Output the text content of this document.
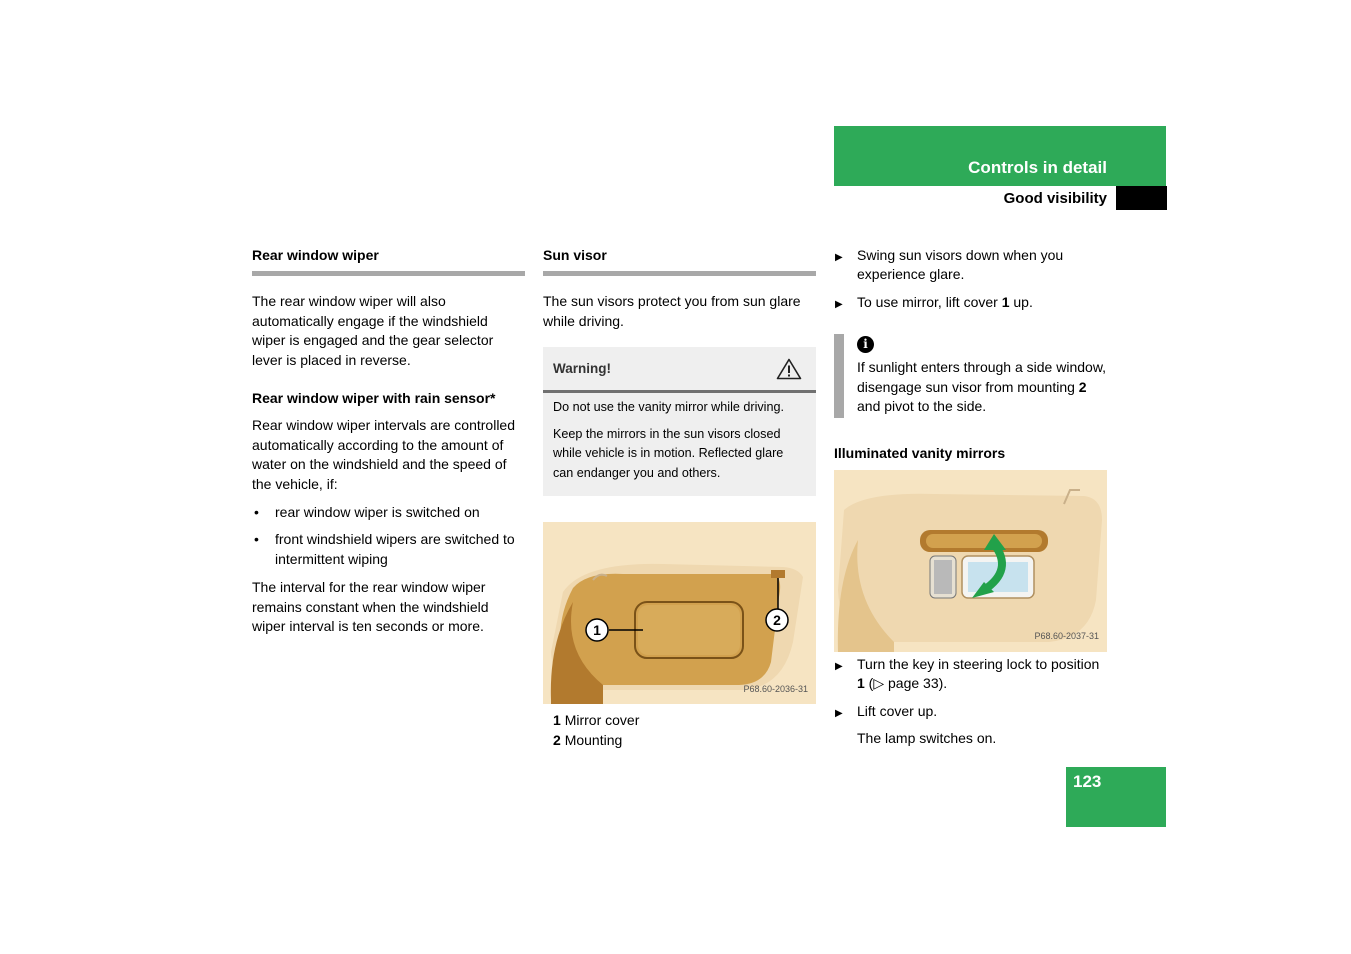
Controls in detail
Good visibility
Rear window wiper

The rear window wiper will also automatically engage if the windshield wiper is engaged and the gear selector lever is placed in reverse.

Rear window wiper with rain sensor*

Rear window wiper intervals are controlled automatically according to the amount of water on the windshield and the speed of the vehicle, if:

• rear window wiper is switched on
• front windshield wipers are switched to intermittent wiping

The interval for the rear window wiper remains constant when the windshield wiper interval is ten seconds or more.

Sun visor

The sun visors protect you from sun glare while driving.

Warning!

Do not use the vanity mirror while driving.

Keep the mirrors in the sun visors closed while vehicle is in motion. Reflected glare can endanger you and others.

1
2
P68.60-2036-31
1 Mirror cover
2 Mounting
▶ Swing sun visors down when you experience glare.
▶ To use mirror, lift cover 1 up.
i
If sunlight enters through a side window, disengage sun visor from mounting 2 and pivot to the side.
Illuminated vanity mirrors
P68.60-2037-31
▶ Turn the key in steering lock to position 1 (▷ page 33).
▶ Lift cover up.

The lamp switches on.

123
